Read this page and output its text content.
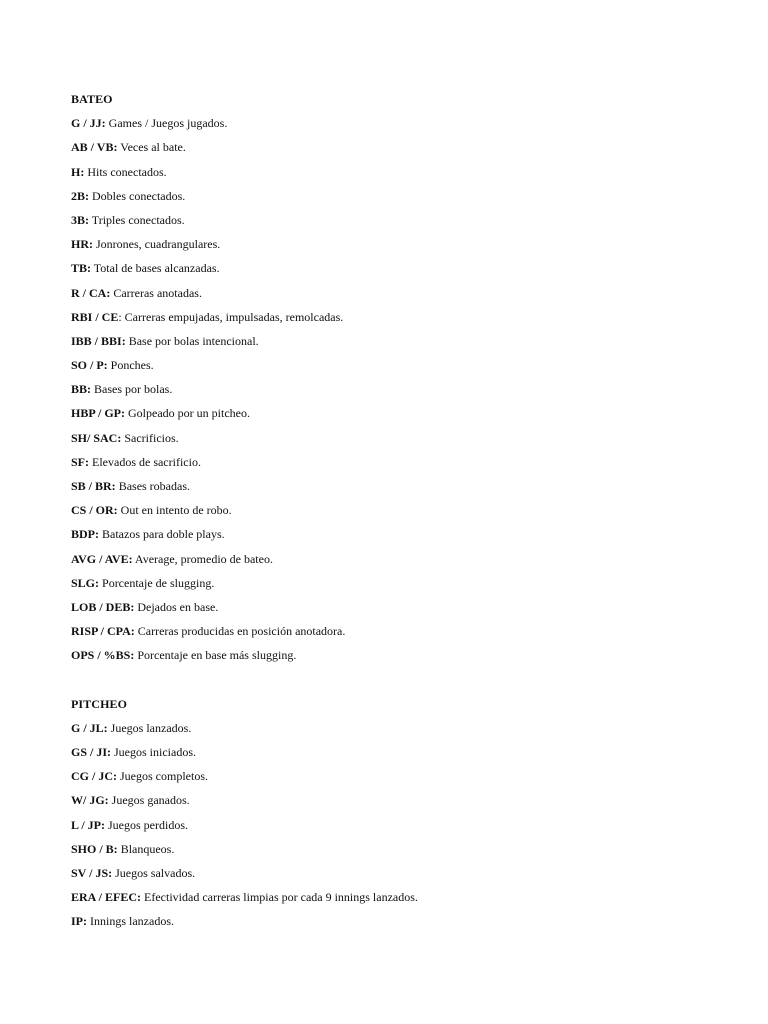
BATEO
G / JJ: Games / Juegos jugados.
AB / VB: Veces al bate.
H: Hits conectados.
2B: Dobles conectados.
3B: Triples conectados.
HR: Jonrones, cuadrangulares.
TB: Total de bases alcanzadas.
R / CA: Carreras anotadas.
RBI / CE: Carreras empujadas, impulsadas, remolcadas.
IBB / BBI: Base por bolas intencional.
SO / P: Ponches.
BB: Bases por bolas.
HBP / GP: Golpeado por un pitcheo.
SH/ SAC: Sacrificios.
SF: Elevados de sacrificio.
SB / BR: Bases robadas.
CS / OR: Out en intento de robo.
BDP: Batazos para doble plays.
AVG / AVE: Average, promedio de bateo.
SLG: Porcentaje de slugging.
LOB / DEB: Dejados en base.
RISP / CPA: Carreras producidas en posición anotadora.
OPS / %BS: Porcentaje en base más slugging.
PITCHEO
G / JL: Juegos lanzados.
GS / JI: Juegos iniciados.
CG / JC: Juegos completos.
W/ JG: Juegos ganados.
L / JP: Juegos perdidos.
SHO / B: Blanqueos.
SV / JS: Juegos salvados.
ERA / EFEC: Efectividad carreras limpias por cada 9 innings lanzados.
IP: Innings lanzados.
